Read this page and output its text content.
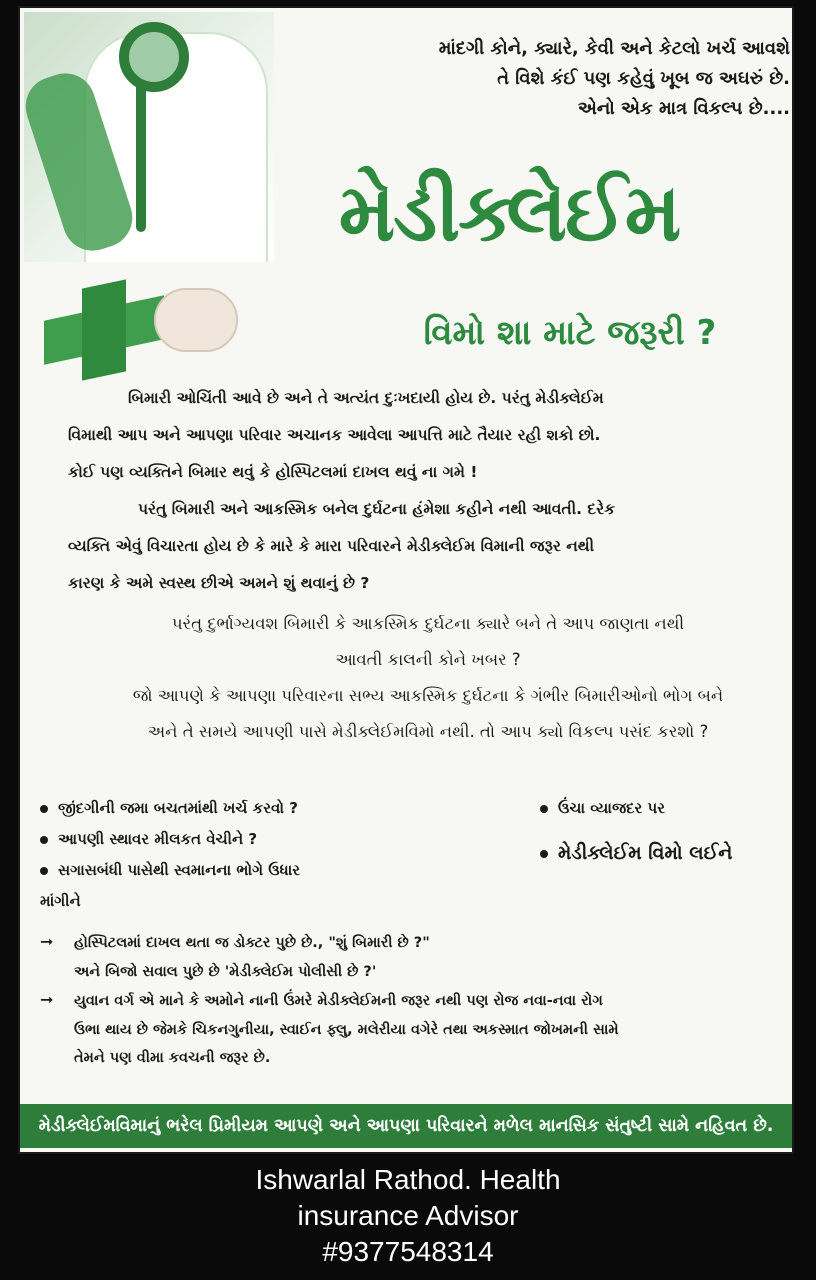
માંદગી કોને, ક્યારે, કેવી અને કેટલો ખર્ચ આવશે
તે વિશે કંઈ પણ કહેવું ખૂબ જ અઘરું છે.
એનો એક માત્ર વિકલ્પ છે....
મેડીક્લેઈમ
વિમો શા માટે જરૂરી ?
બિમારી ઓચિંતી આવે છે અને તે અત્યંત દુઃખદાયી હોય છે. પરંતુ મેડીક્લેઈમ
વિમાથી આપ અને આપણા પરિવાર અચાનક આવેલા આપત્તિ માટે તૈયાર રહી શકો છો.
કોઈ પણ વ્યક્તિને બિમાર થવું કે હોસ્પિટલમાં દાખલ થવું ના ગમે !
પરંતુ બિમારી અને આકસ્મિક બનેલ દુર્ઘટના હંમેશા કહીને નથી આવતી. દરેક
વ્યક્તિ એવું વિચારતા હોય છે કે મારે કે મારા પરિવારને મેડીક્લેઈમ વિમાની જરૂર નથી
કારણ કે અમે સ્વસ્થ છીએ અમને શું થવાનું છે ?
પરંતુ દુર્ભાગ્યવશ બિમારી કે આકસ્મિક દુર્ઘટના ક્યારે બને તે આપ જાણતા નથી
આવતી કાલની કોને ખબર ?
જો આપણે કે આપણા પરિવારના સભ્ય આકસ્મિક દુર્ઘટના કે ગંભીર બિમારીઓનો ભોગ બને
અને તે સમયે આપણી પાસે મેડીક્લેઈમવિમો નથી. તો આપ ક્યો વિકલ્પ પસંદ કરશો ?
જીંદગીની જમા બચતમાંથી ખર્ચ કરવો ?
આપણી સ્થાવર મીલકત વેચીને ?
સગાસબંધી પાસેથી સ્વમાનના ભોગે ઉધાર માંગીને
ઉંચા વ્યાજદર પર
મેડીક્લેઈમ વિમો લઈને
➞ હોસ્પિટલમાં દાખલ થતા જ ડોક્ટર પુછે છે., "શું બિમારી છે ?"
અને બિજો સવાલ પુછે છે 'મેડીક્લેઈમ પોલીસી છે ?'
➞ યુવાન વર્ગ એ માને કે અમોને નાની ઉંમરે મેડીક્લેઈમની જરૂર નથી પણ રોજ નવા-નવા રોગ
ઉભા થાય છે જેમકે ચિકનગુનીયા, સ્વાઈન ફ્લુ, મલેરીયા વગેરે તથા અકસ્માત જોખમની સામે
તેમને પણ વીમા કવચની જરૂર છે.
મેડીક્લેઈમવિમાનું ભરેલ પ્રિમીયમ આપણે અને આપણા પરિવારને મળેલ માનસિક સંતુષ્ટી સામે નહિવત છે.
Ishwarlal Rathod. Health
insurance Advisor
#9377548314
